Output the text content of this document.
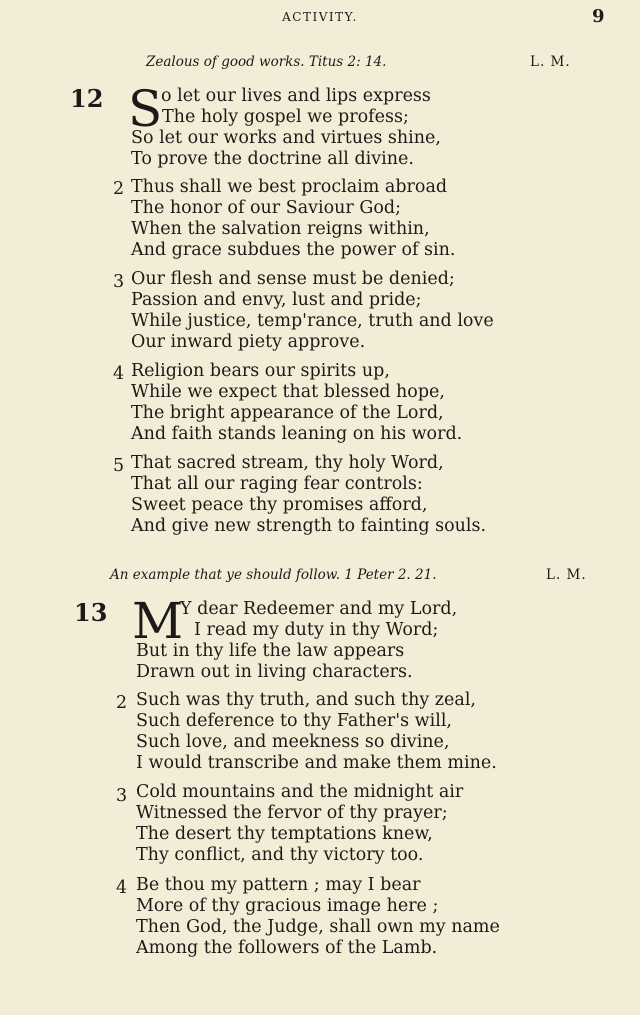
ACTIVITY.	9
Zealous of good works. Titus 2: 14.	L. M.
12 S
o let our lives and lips express
The holy gospel we profess;
So let our works and virtues shine,
To prove the doctrine all divine.
2 Thus shall we best proclaim abroad
The honor of our Saviour God;
When the salvation reigns within,
And grace subdues the power of sin.
3 Our flesh and sense must be denied;
Passion and envy, lust and pride;
While justice, temp'rance, truth and love
Our inward piety approve.
4 Religion bears our spirits up,
While we expect that blessed hope,
The bright appearance of the Lord,
And faith stands leaning on his word.
5 That sacred stream, thy holy Word,
That all our raging fear controls:
Sweet peace thy promises afford,
And give new strength to fainting souls.
An example that ye should follow. 1 Peter 2. 21.	L. M.
13 M
Y dear Redeemer and my Lord,
I read my duty in thy Word;
But in thy life the law appears
Drawn out in living characters.
2 Such was thy truth, and such thy zeal,
Such deference to thy Father's will,
Such love, and meekness so divine,
I would transcribe and make them mine.
3 Cold mountains and the midnight air
Witnessed the fervor of thy prayer;
The desert thy temptations knew,
Thy conflict, and thy victory too.
4 Be thou my pattern ; may I bear
More of thy gracious image here ;
Then God, the Judge, shall own my name
Among the followers of the Lamb.
